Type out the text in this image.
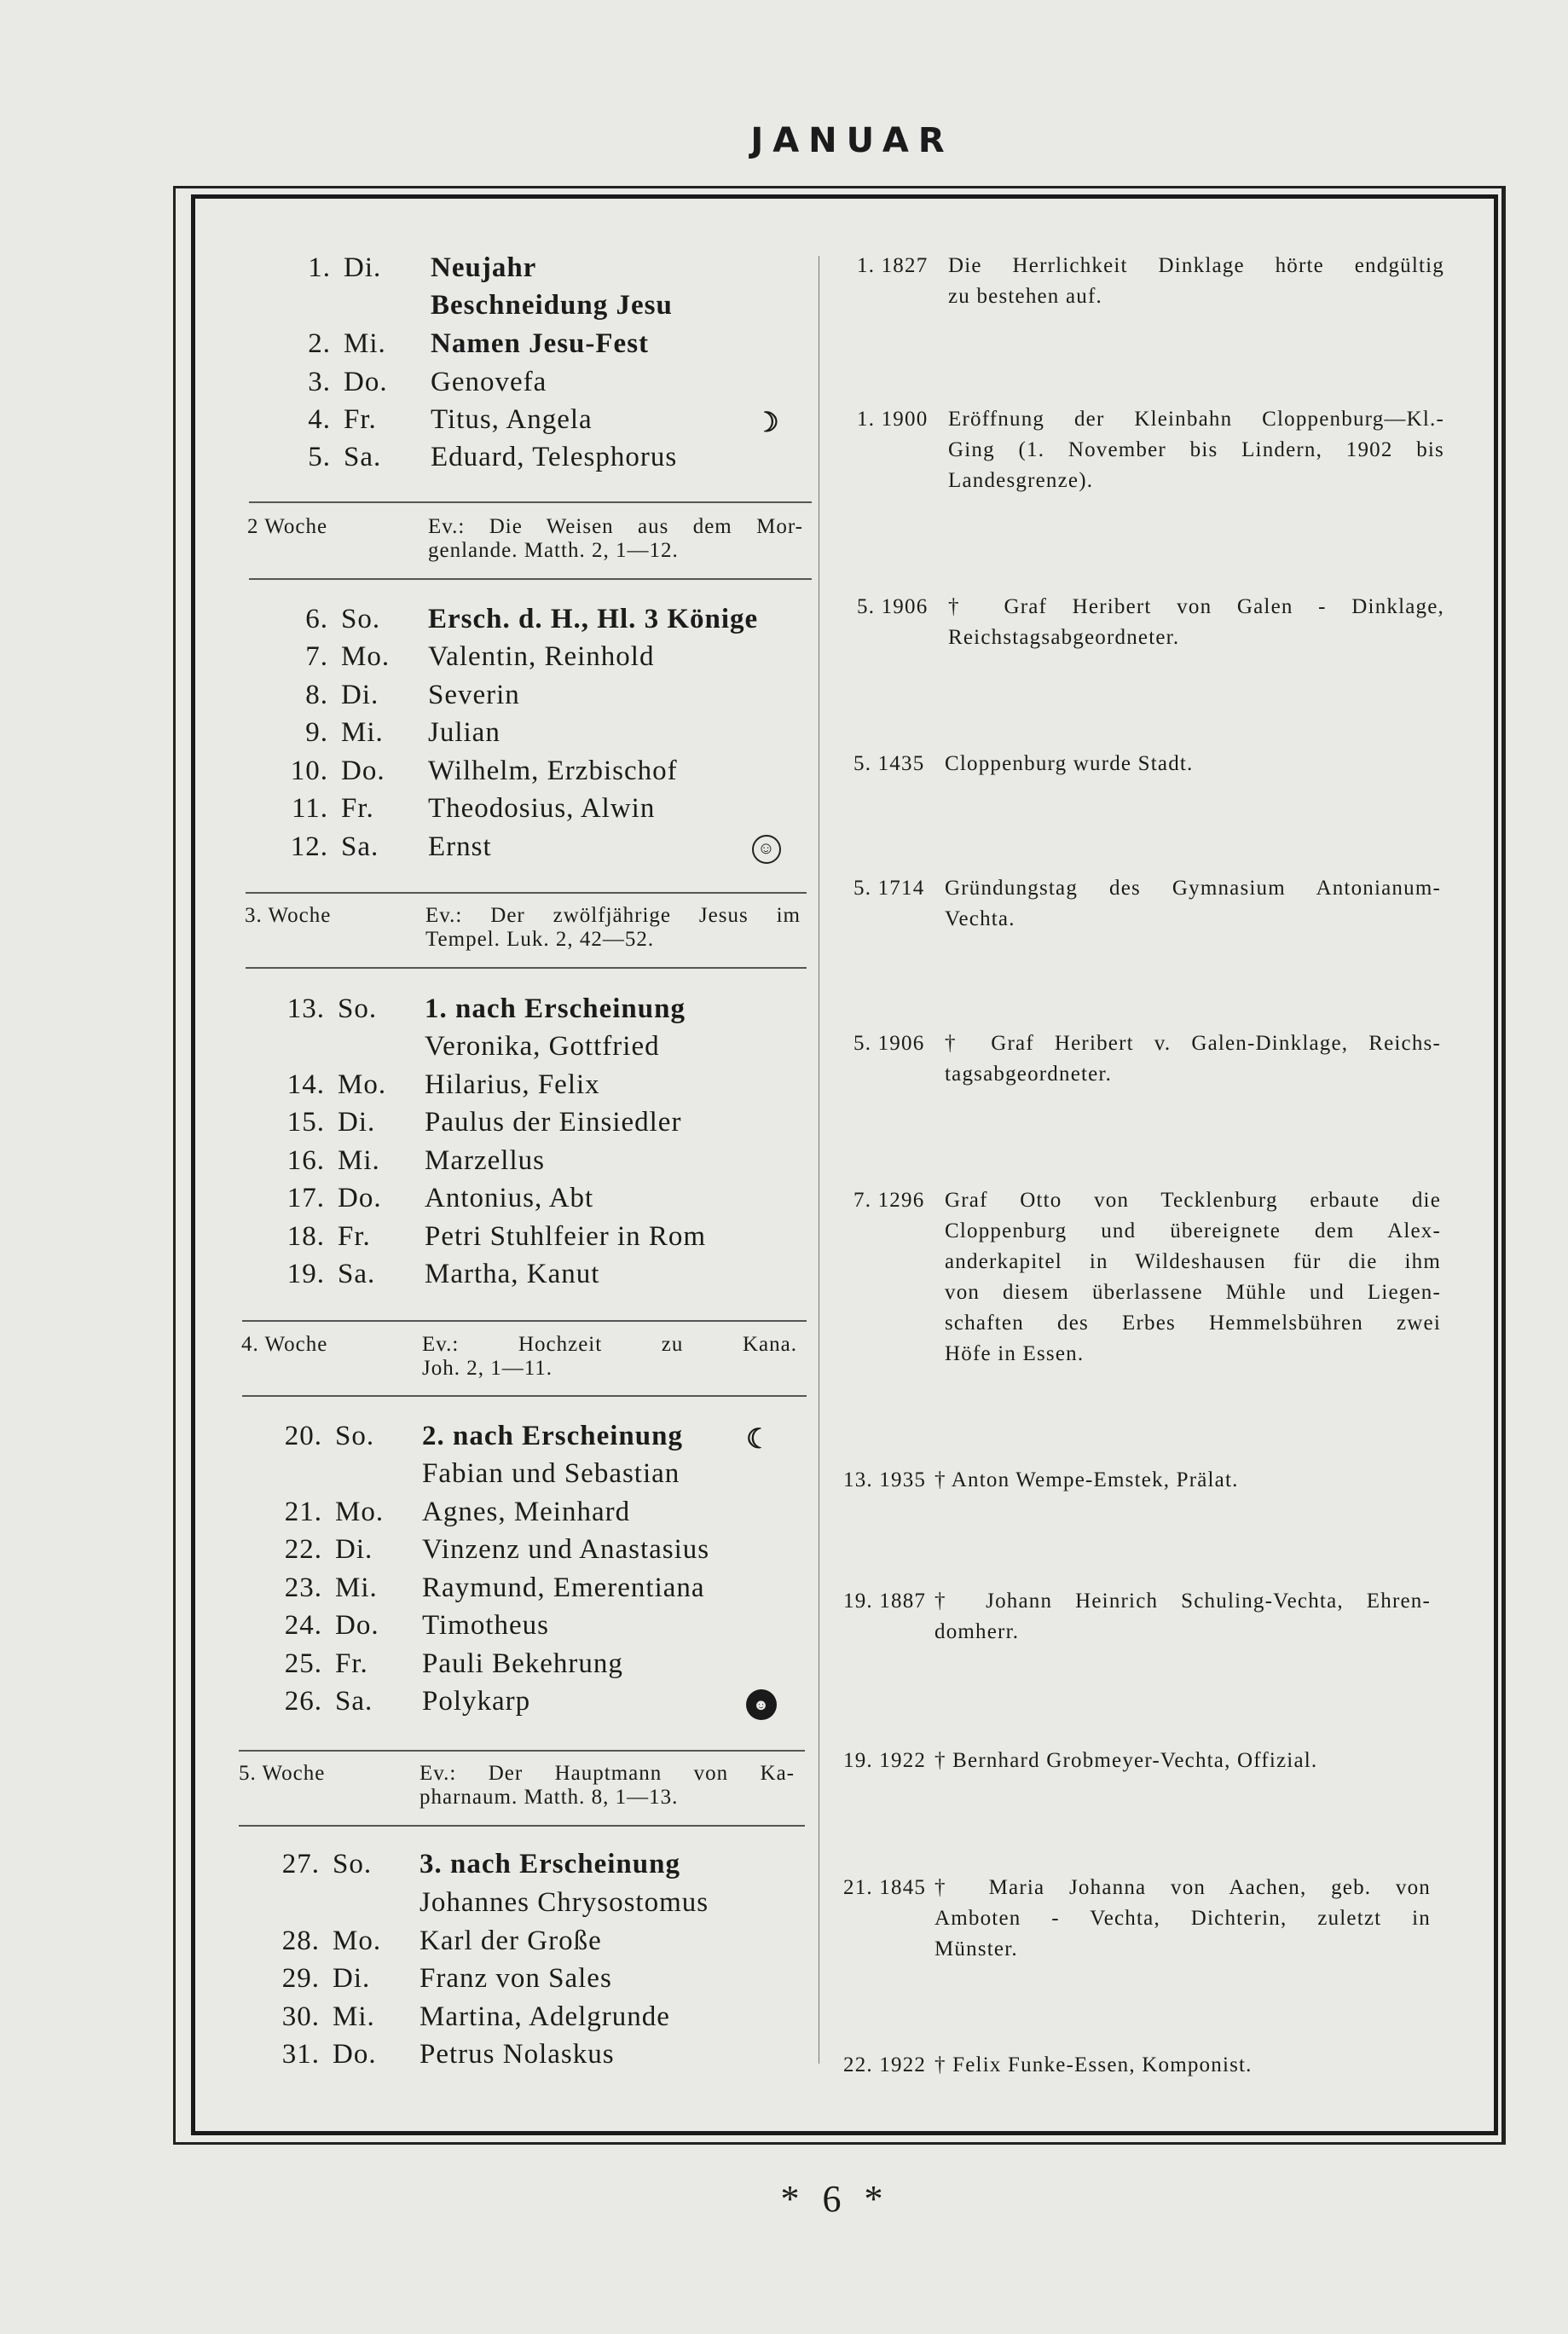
JANUAR
1. Di.	Neujahr
Beschneidung Jesu
2. Mi.	Namen Jesu-Fest
3. Do.	Genovefa
4. Fr.	Titus, Angela	☽
5. Sa.	Eduard, Telesphorus
6. So.	Ersch. d. H., Hl. 3 Könige
7. Mo.	Valentin, Reinhold
8. Di.	Severin
9. Mi.	Julian
10. Do.	Wilhelm, Erzbischof
11. Fr.	Theodosius, Alwin
12. Sa.	Ernst	☺
13. So.	1. nach Erscheinung
Veronika, Gottfried
14. Mo.	Hilarius, Felix
15. Di.	Paulus der Einsiedler
16. Mi.	Marzellus
17. Do.	Antonius, Abt
18. Fr.	Petri Stuhlfeier in Rom
19. Sa.	Martha, Kanut
20. So.	2. nach Erscheinung ☾
Fabian und Sebastian
21. Mo.	Agnes, Meinhard
22. Di.	Vinzenz und Anastasius
23. Mi.	Raymund, Emerentiana
24. Do.	Timotheus
25. Fr.	Pauli Bekehrung
26. Sa.	Polykarp	☻
27. So.	3. nach Erscheinung
Johannes Chrysostomus
28. Mo.	Karl der Große
29. Di.	Franz von Sales
30. Mi.	Martina, Adelgrunde
31. Do.	Petrus Nolaskus
2 Woche	Ev.: Die Weisen aus dem Mor-
genlande. Matth. 2, 1—12.
3. Woche	Ev.: Der zwölfjährige Jesus im
Tempel. Luk. 2, 42—52.
4. Woche	Ev.: Hochzeit zu Kana.
Joh. 2, 1—11.
5. Woche	Ev.: Der Hauptmann von Ka-
pharnaum. Matth. 8, 1—13.
1. 1827 Die Herrlichkeit Dinklage hörte endgültig
zu bestehen auf.
1. 1900 Eröffnung der Kleinbahn Cloppenburg—Kl.-
Ging (1. November bis Lindern, 1902 bis
Landesgrenze).
5. 1906 † Graf Heribert von Galen - Dinklage,
Reichstagsabgeordneter.
5. 1435 Cloppenburg wurde Stadt.
5. 1714 Gründungstag des Gymnasium Antonianum-
Vechta.
5. 1906 † Graf Heribert v. Galen-Dinklage, Reichs-
tagsabgeordneter.
7. 1296 Graf Otto von Tecklenburg erbaute die
Cloppenburg und übereignete dem Alex-
anderkapitel in Wildeshausen für die ihm
von diesem überlassene Mühle und Liegen-
schaften des Erbes Hemmelsbühren zwei
Höfe in Essen.
13. 1935 † Anton Wempe-Emstek, Prälat.
19. 1887 † Johann Heinrich Schuling-Vechta, Ehren-
domherr.
19. 1922 † Bernhard Grobmeyer-Vechta, Offizial.
21. 1845 † Maria Johanna von Aachen, geb. von
Amboten - Vechta, Dichterin, zuletzt in
Münster.
22. 1922 † Felix Funke-Essen, Komponist.
* 6 *
